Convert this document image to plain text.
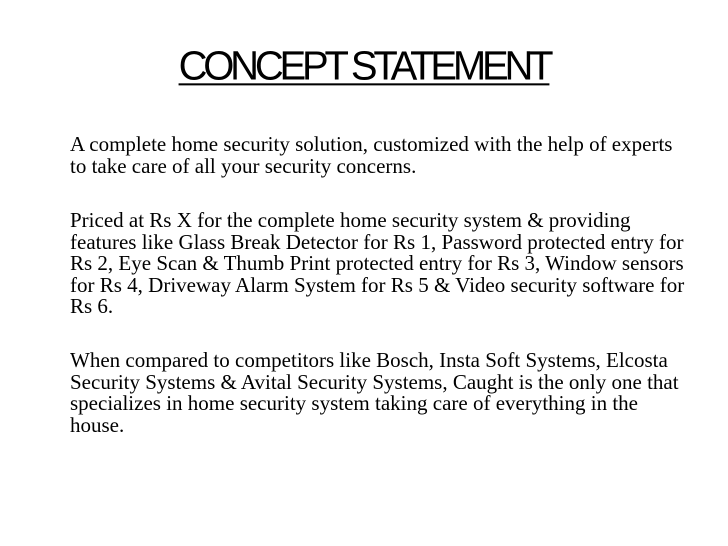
CONCEPT STATEMENT

A complete home security solution, customized with the help of experts to take care of all your security concerns.

Priced at Rs X for the complete home security system & providing features like Glass Break Detector for Rs 1, Password protected entry for Rs 2, Eye Scan & Thumb Print protected entry for Rs 3, Window sensors for Rs 4, Driveway Alarm System for Rs 5 & Video security software for Rs 6.

When compared to competitors like Bosch, Insta Soft Systems, Elcosta Security Systems & Avital Security Systems, Caught is the only one that specializes in home security system taking care of everything in the house.
